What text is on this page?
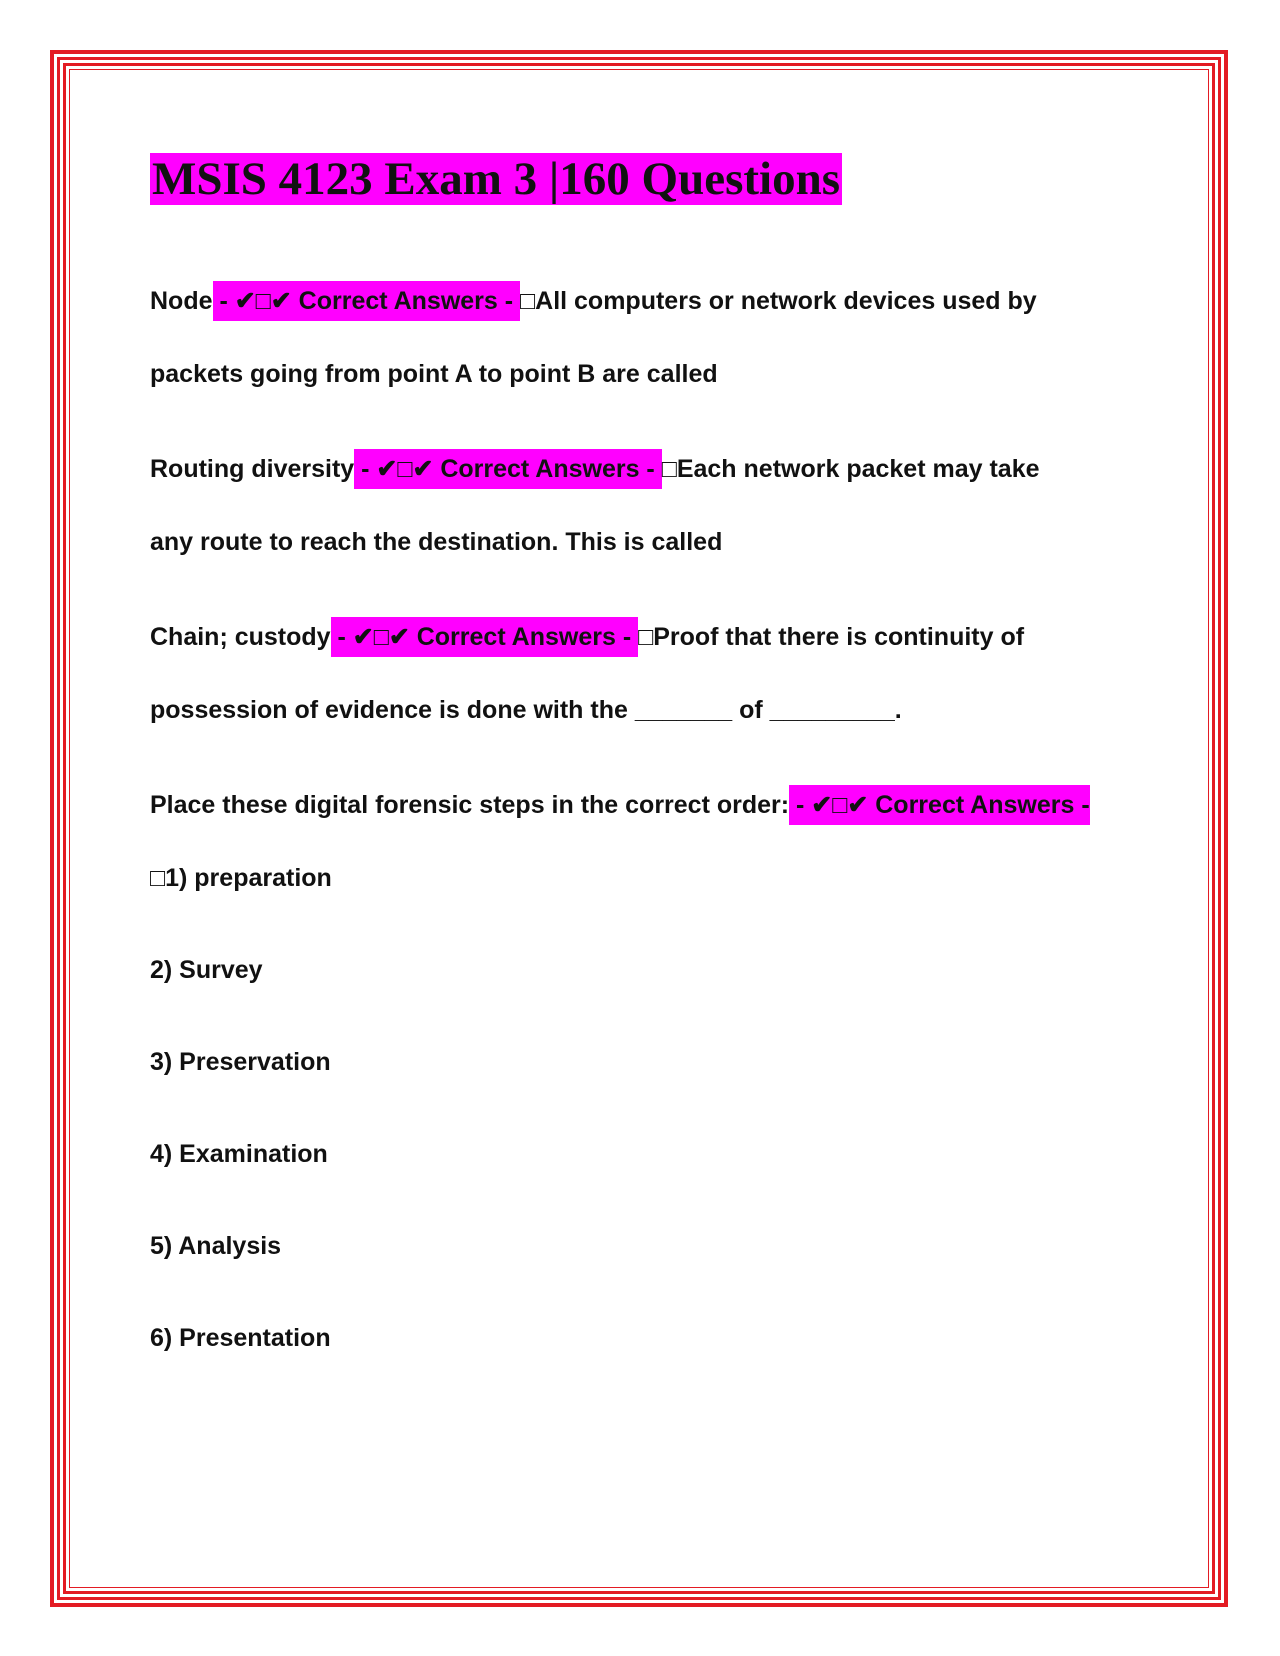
MSIS 4123 Exam 3 |160 Questions

Node - ✔□✔ Correct Answers - □All computers or network devices used by

packets going from point A to point B are called

Routing diversity - ✔□✔ Correct Answers - □Each network packet may take

any route to reach the destination. This is called

Chain; custody - ✔□✔ Correct Answers - □Proof that there is continuity of

possession of evidence is done with the _______ of _________.

Place these digital forensic steps in the correct order: - ✔□✔ Correct Answers -

□1) preparation

2) Survey

3) Preservation

4) Examination

5) Analysis

6) Presentation
